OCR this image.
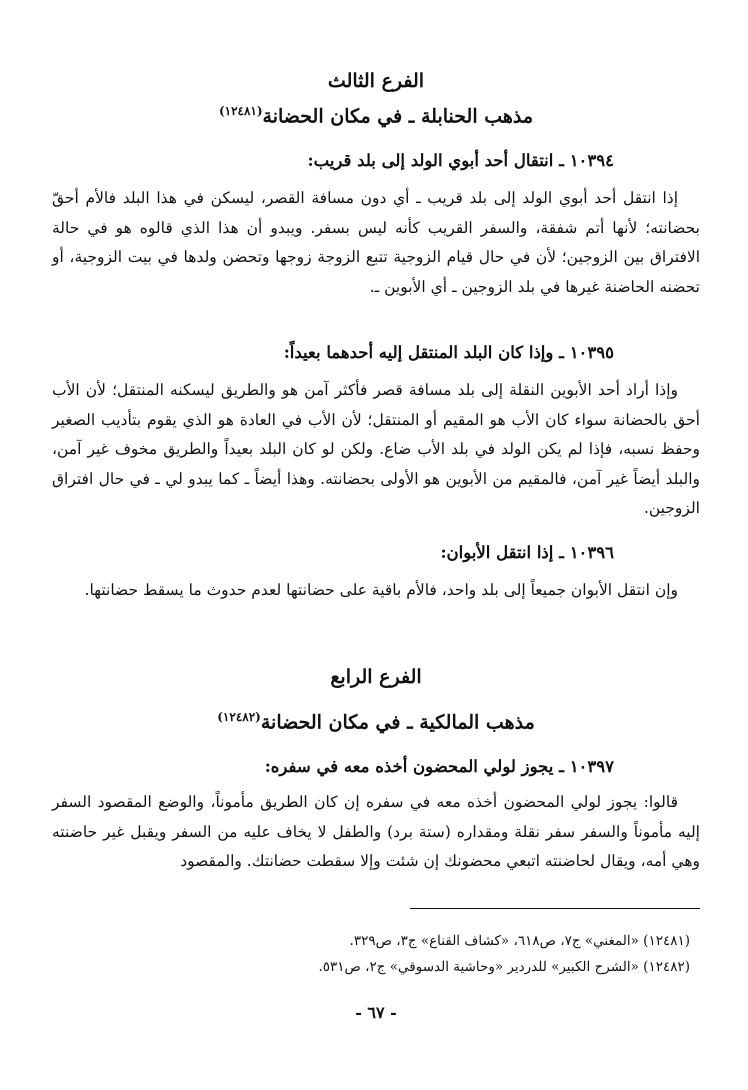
الفرع الثالث
مذهب الحنابلة ـ في مكان الحضانة$^{(١٢٤٨١)}$

١٠٣٩٤ ـ انتقال أحد أبوي الولد إلى بلد قريب:

إذا انتقل أحد أبوي الولد إلى بلد قريب ـ أي دون مسافة القصر، ليسكن في هذا البلد فالأم أحقّ بحضانته؛ لأنها أتم شفقة، والسفر القريب كأنه ليس بسفر. ويبدو أن هذا الذي قالوه هو في حالة الافتراق بين الزوجين؛ لأن في حال قيام الزوجية تتبع الزوجة زوجها وتحضن ولدها في بيت الزوجية، أو تحضنه الحاضنة غيرها في بلد الزوجين ـ أي الأبوين ـ.

١٠٣٩٥ ـ وإذا كان البلد المنتقل إليه أحدهما بعيداً:

وإذا أراد أحد الأبوين النقلة إلى بلد مسافة قصر فأكثر آمن هو والطريق ليسكنه المنتقل؛ لأن الأب أحق بالحضانة سواء كان الأب هو المقيم أو المنتقل؛ لأن الأب في العادة هو الذي يقوم بتأديب الصغير وحفظ نسبه، فإذا لم يكن الولد في بلد الأب ضاع. ولكن لو كان البلد بعيداً والطريق مخوف غير آمن، والبلد أيضاً غير آمن، فالمقيم من الأبوين هو الأولى بحضانته. وهذا أيضاً ـ كما يبدو لي ـ في حال افتراق الزوجين.

١٠٣٩٦ ـ إذا انتقل الأبوان:

وإن انتقل الأبوان جميعاً إلى بلد واحد، فالأم باقية على حضانتها لعدم حدوث ما يسقط حضانتها.

الفرع الرابع
مذهب المالكية ـ في مكان الحضانة$^{(١٢٤٨٢)}$

١٠٣٩٧ ـ يجوز لولي المحضون أخذه معه في سفره:

قالوا: يجوز لولي المحضون أخذه معه في سفره إن كان الطريق مأموناً، والوضع المقصود السفر إليه مأموناً والسفر سفر نقلة ومقداره (ستة برد) والطفل لا يخاف عليه من السفر ويقبل غير حاضنته وهي أمه، ويقال لحاضنته اتبعي محضونك إن شئت وإلا سقطت حضانتك. والمقصود

(١٢٤٨١) «المغني» ج٧، ص٦١٨، «كشاف القناع» ج٣، ص٣٢٩.

(١٢٤٨٢) «الشرح الكبير» للدردير «وحاشية الدسوقي» ج٢، ص٥٣١.

- ٦٧ -
